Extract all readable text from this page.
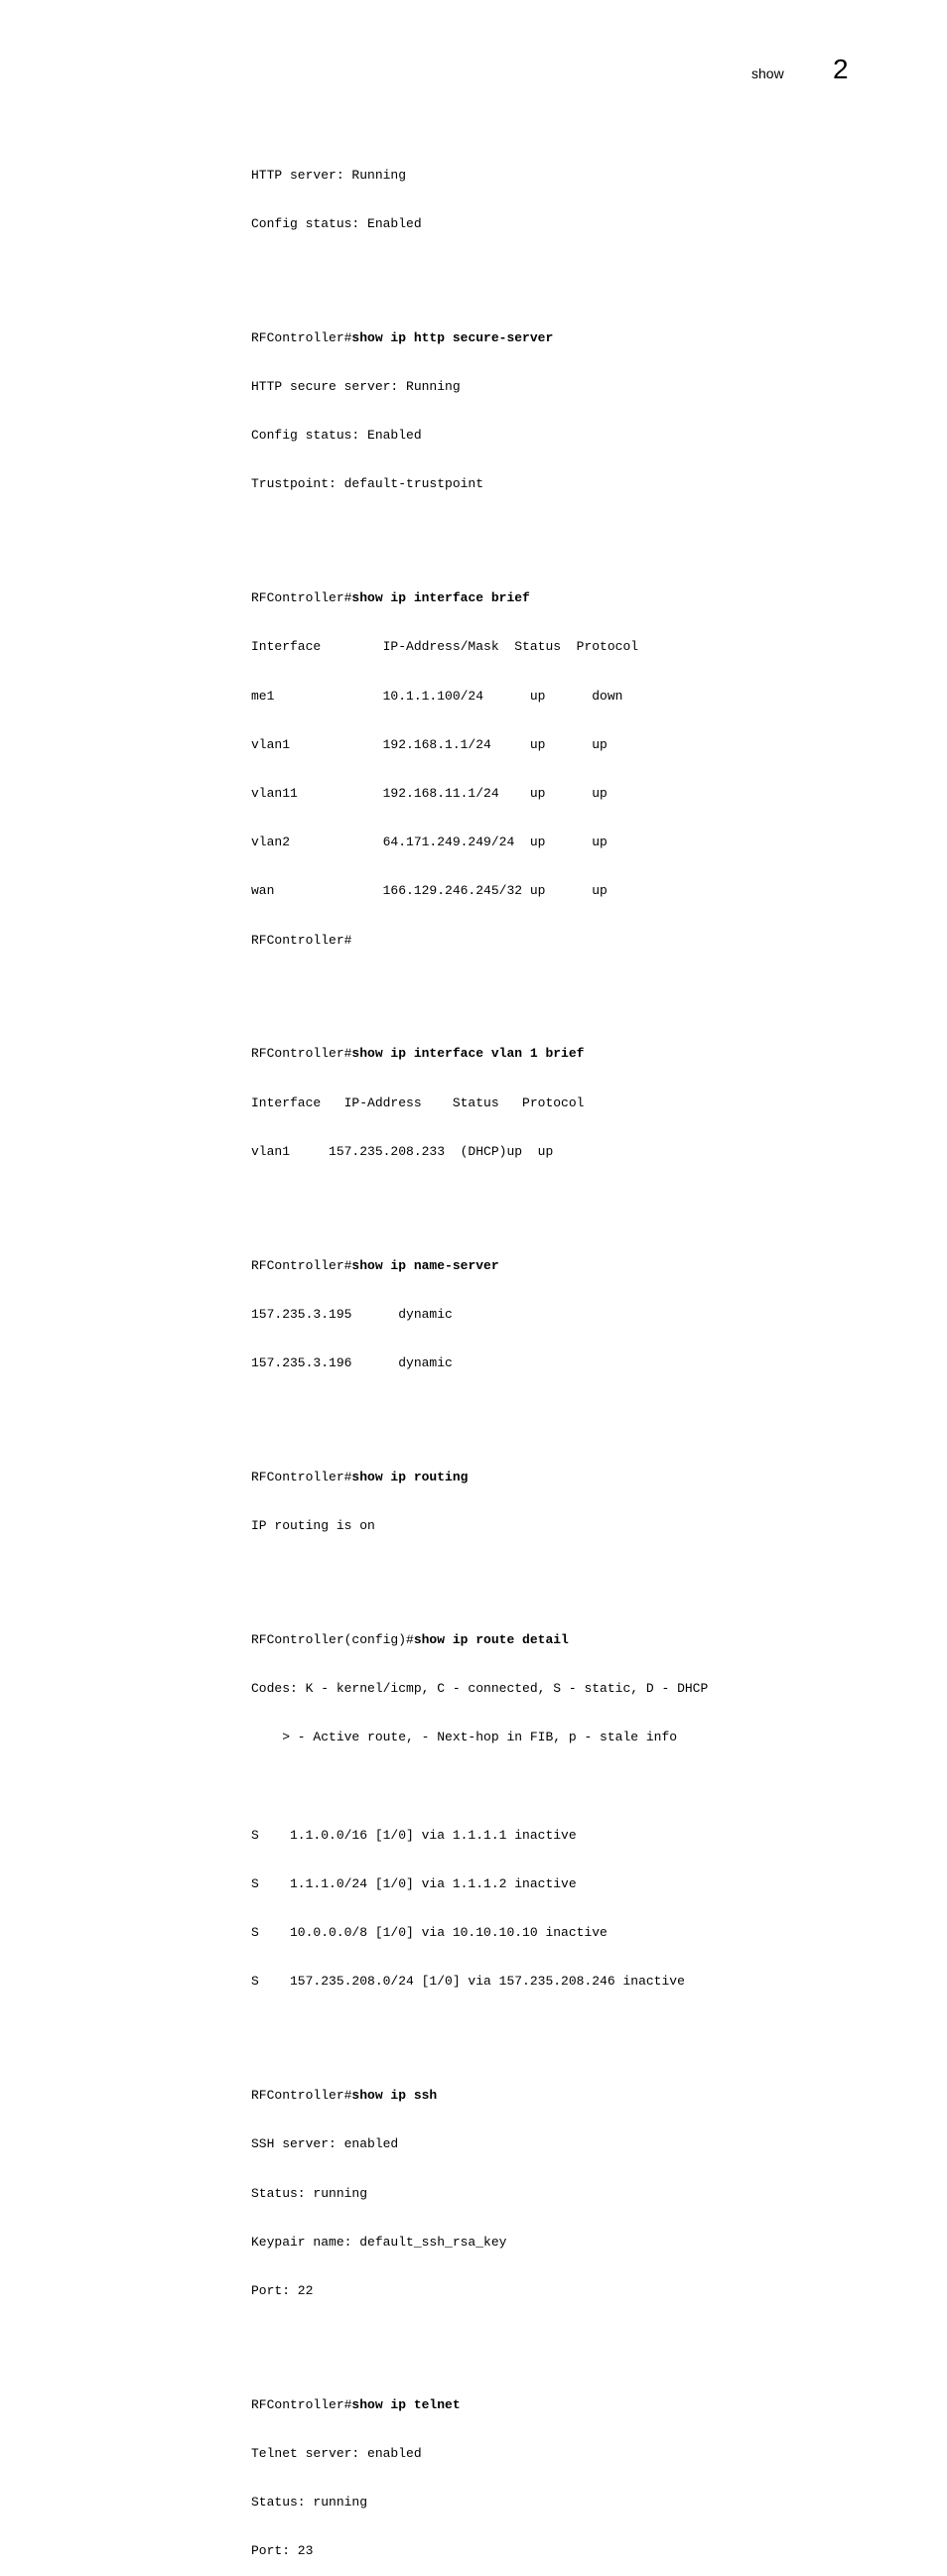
show 2

HTTP server: Running

Config status: Enabled

RFController#show ip http secure-server

HTTP secure server: Running

Config status: Enabled

Trustpoint: default-trustpoint

RFController#show ip interface brief

Interface        IP-Address/Mask  Status  Protocol

me1              10.1.1.100/24      up      down

vlan1            192.168.1.1/24     up      up

vlan11           192.168.11.1/24    up      up

vlan2            64.171.249.249/24  up      up

wan              166.129.246.245/32 up      up

RFController#

RFController#show ip interface vlan 1 brief

Interface   IP-Address    Status   Protocol

vlan1     157.235.208.233  (DHCP)up  up

RFController#show ip name-server

157.235.3.195      dynamic

157.235.3.196      dynamic

RFController#show ip routing

IP routing is on

RFController(config)#show ip route detail

Codes: K - kernel/icmp, C - connected, S - static, D - DHCP

> - Active route, - Next-hop in FIB, p - stale info

S    1.1.0.0/16 [1/0] via 1.1.1.1 inactive

S    1.1.1.0/24 [1/0] via 1.1.1.2 inactive

S    10.0.0.0/8 [1/0] via 10.10.10.10 inactive

S    157.235.208.0/24 [1/0] via 157.235.208.246 inactive

RFController#show ip ssh

SSH server: enabled

Status: running

Keypair name: default_ssh_rsa_key

Port: 22

RFController#show ip telnet

Telnet server: enabled

Status: running

Port: 23
